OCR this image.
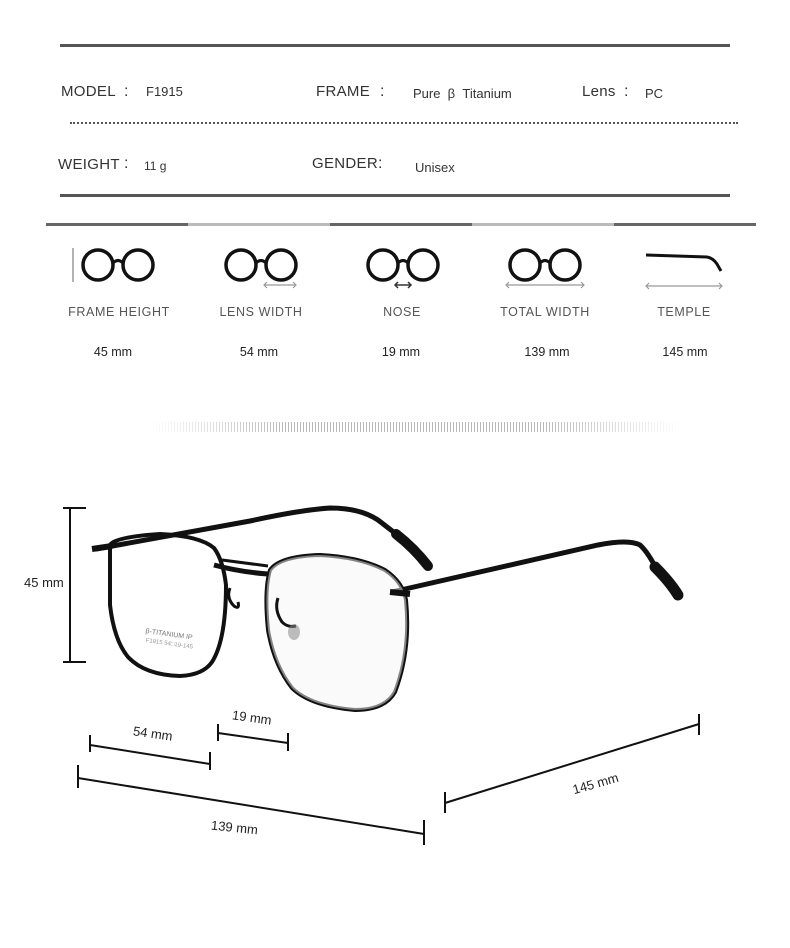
MODEL : F1915	FRAME : Pure  β  Titanium	Lens : PC
WEIGHT : 11 g	GENDER :	Unisex
FRAME HEIGHT	LENS WIDTH	NOSE	TOTAL WIDTH	TEMPLE
45 mm	54 mm	19 mm	139 mm	145 mm
β-TITANIUM IP
F1915 54□19-145
45 mm
54 mm
19 mm
139 mm
145 mm
